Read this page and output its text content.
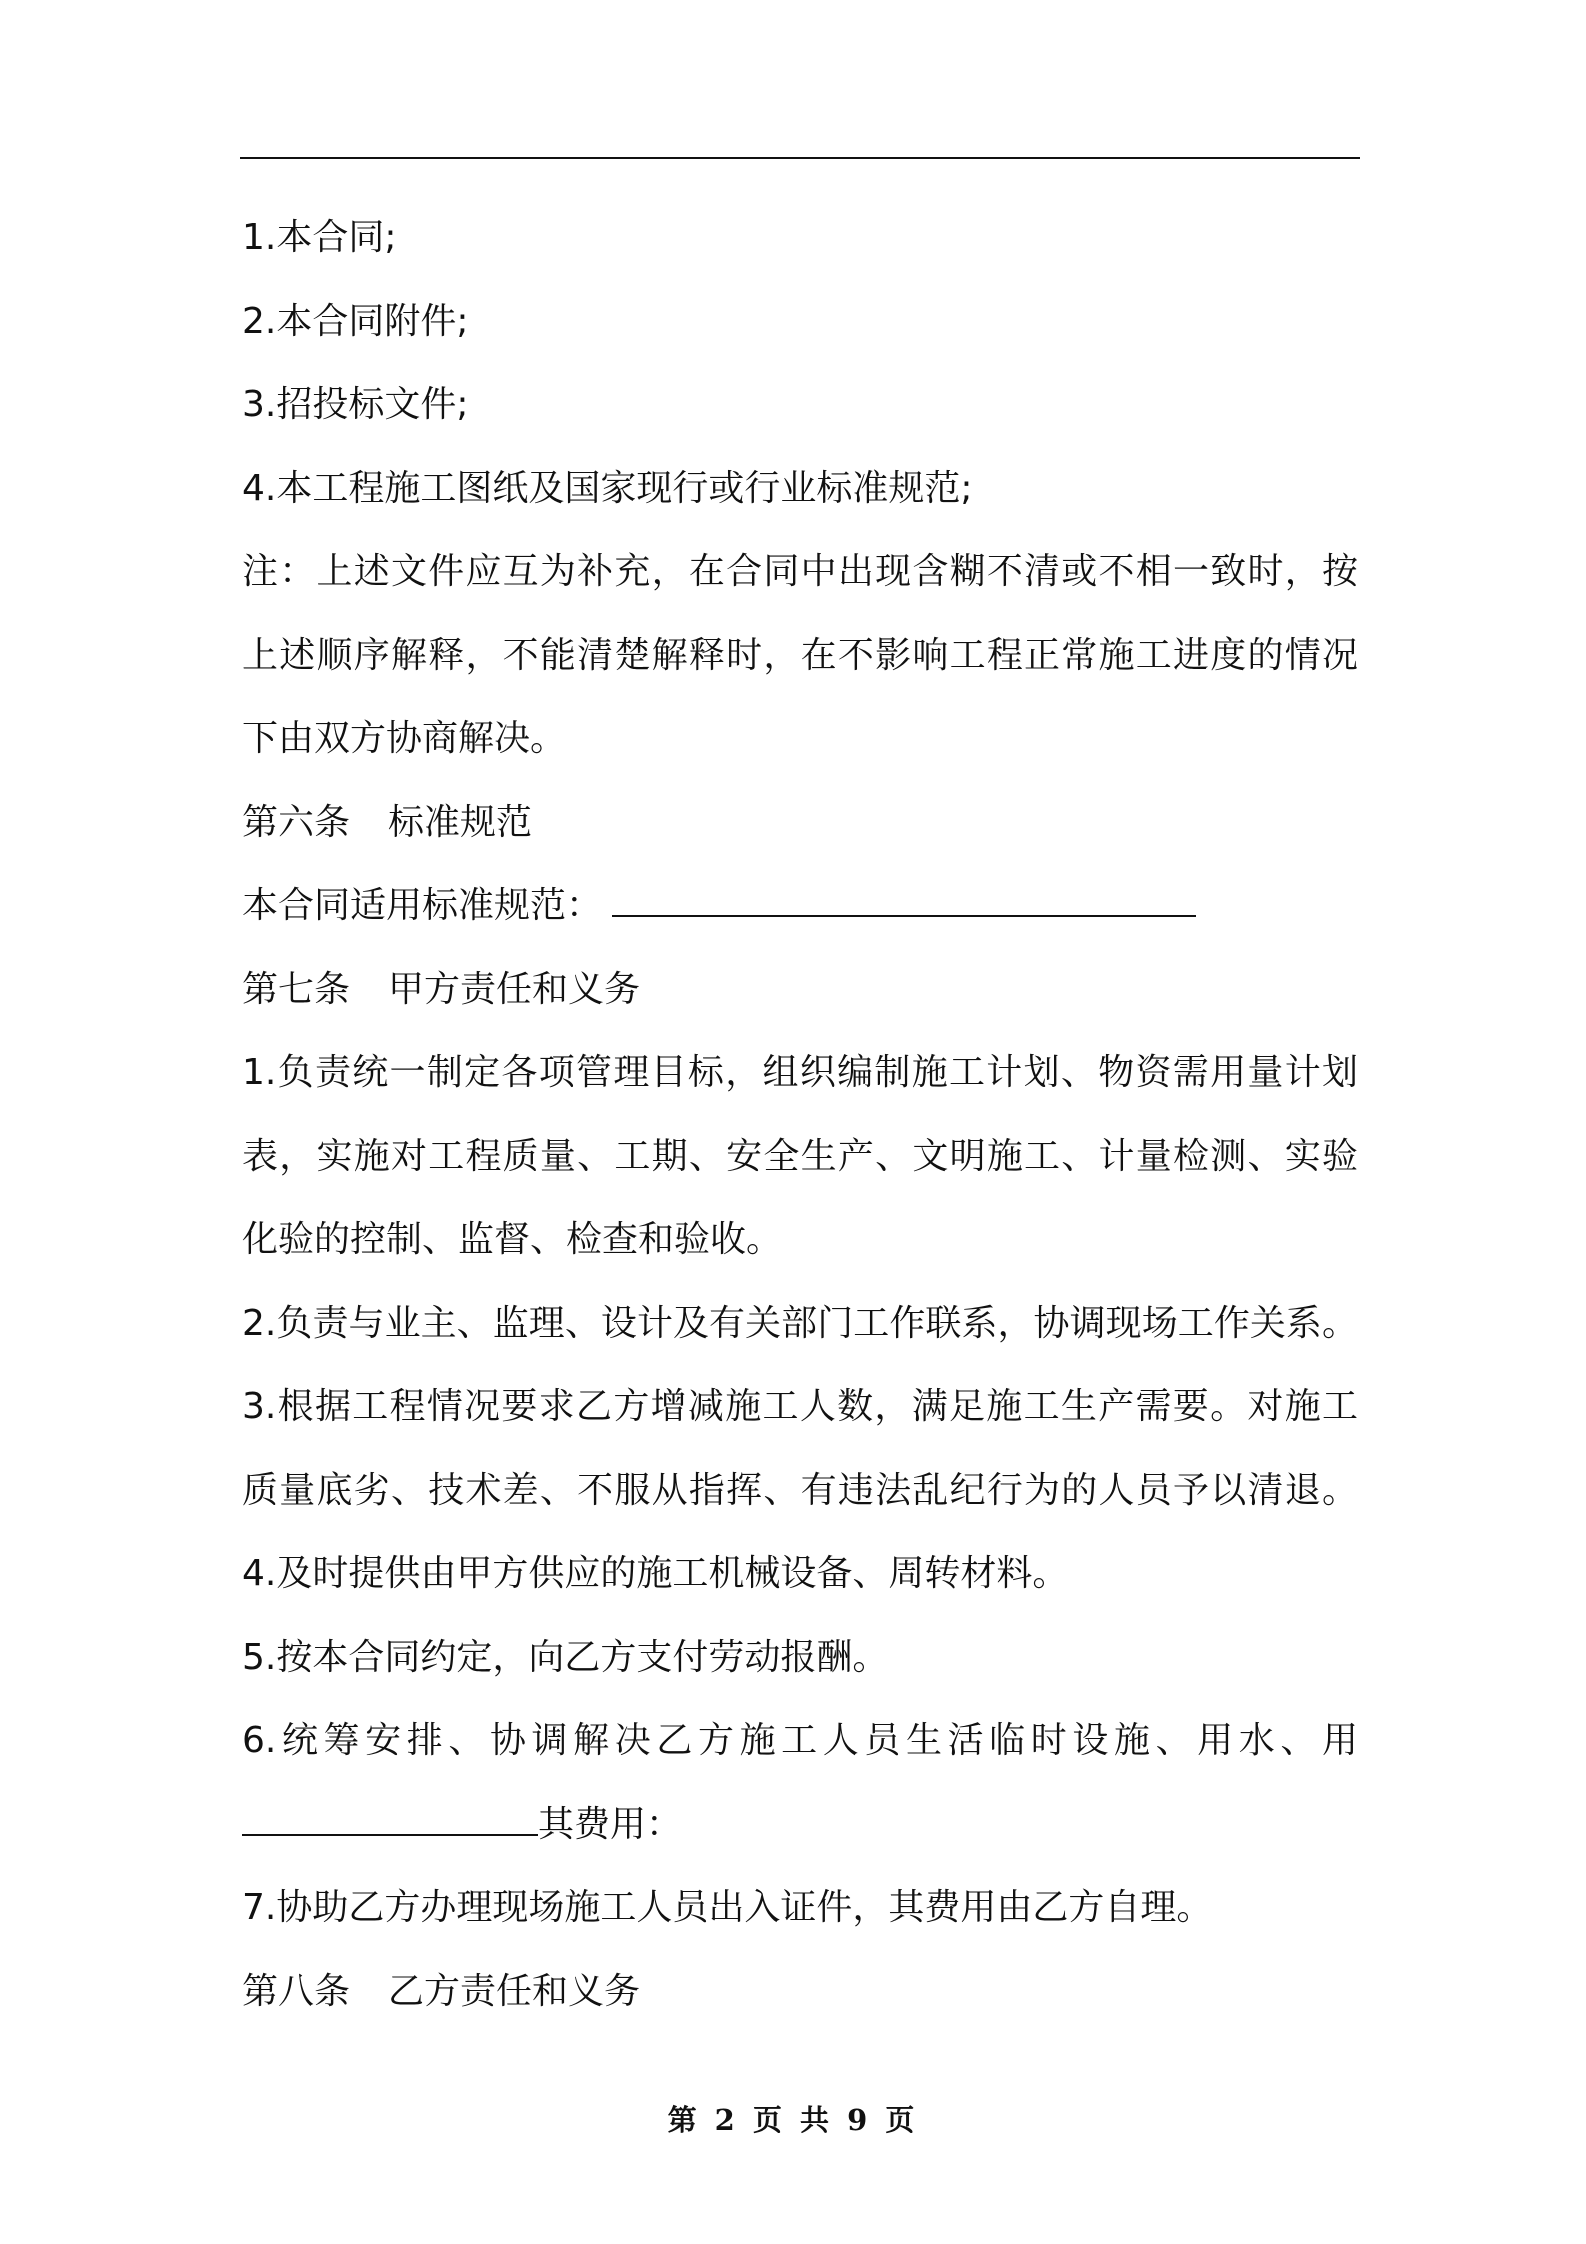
1.本合同;
2.本合同附件;
3.招投标文件;
4.本工程施工图纸及国家现行或行业标准规范;
注：上述文件应互为补充，在合同中出现含糊不清或不相一致时，按
上述顺序解释，不能清楚解释时，在不影响工程正常施工进度的情况
下由双方协商解决。
第六条 标准规范
本合同适用标准规范：
第七条 甲方责任和义务
1.负责统一制定各项管理目标，组织编制施工计划、物资需用量计划
表，实施对工程质量、工期、安全生产、文明施工、计量检测、实验
化验的控制、监督、检查和验收。
2.负责与业主、监理、设计及有关部门工作联系，协调现场工作关系。
3.根据工程情况要求乙方增减施工人数，满足施工生产需要。对施工
质量底劣、技术差、不服从指挥、有违法乱纪行为的人员予以清退。
4.及时提供由甲方供应的施工机械设备、周转材料。
5.按本合同约定，向乙方支付劳动报酬。
6.统筹安排、协调解决乙方施工人员生活临时设施、用水、用
其费用：
7.协助乙方办理现场施工人员出入证件，其费用由乙方自理。
第八条 乙方责任和义务
第 2 页 共 9 页
